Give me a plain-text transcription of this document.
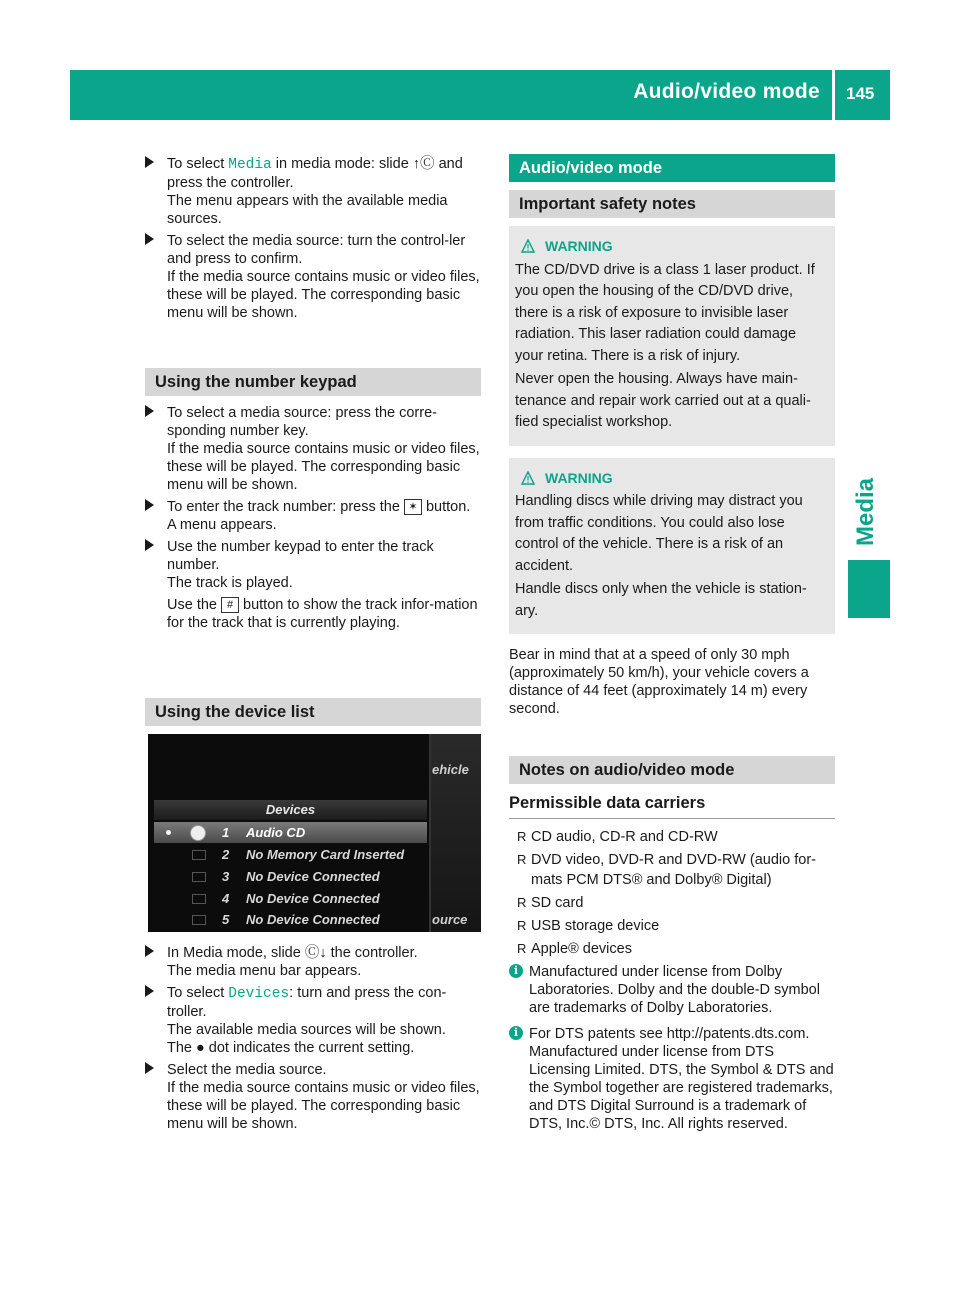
Audio/video mode 145
Media

To select Media in media mode: slide ↑Ⓒ and press the controller.

The menu appears with the available media sources.

To select the media source: turn the control-ler and press to confirm.

If the media source contains music or video files, these will be played. The corresponding basic menu will be shown.

Using the number keypad

To select a media source: press the corre-sponding number key.

If the media source contains music or video files, these will be played. The corresponding basic menu will be shown.

To enter the track number: press the ✶ button.

A menu appears.

Use the number keypad to enter the track number.

The track is played.

Use the # button to show the track infor-mation for the track that is currently playing.

Using the device list
ehicle
ource
Devices
1 Audio CD
2 No Memory Card Inserted
3 No Device Connected
4 No Device Connected
5 No Device Connected

In Media mode, slide Ⓒ↓ the controller.

The media menu bar appears.

To select Devices: turn and press the con-troller.

The available media sources will be shown.

The ● dot indicates the current setting.

Select the media source.

If the media source contains music or video files, these will be played. The corresponding basic menu will be shown.

Audio/video mode
Important safety notes
WARNING

The CD/DVD drive is a class 1 laser product. If you open the housing of the CD/DVD drive, there is a risk of exposure to invisible laser radiation. This laser radiation could damage your retina. There is a risk of injury.

Never open the housing. Always have main-tenance and repair work carried out at a quali-fied specialist workshop.

WARNING

Handling discs while driving may distract you from traffic conditions. You could also lose control of the vehicle. There is a risk of an accident.

Handle discs only when the vehicle is station-ary.

Bear in mind that at a speed of only 30 mph (approximately 50 km/h), your vehicle covers a distance of 44 feet (approximately 14 m) every second.

Notes on audio/video mode
Permissible data carriers
R CD audio, CD-R and CD-RW
R DVD video, DVD-R and DVD-RW (audio for-mats PCM DTS® and Dolby® Digital)
R SD card
R USB storage device
R Apple® devices
i Manufactured under license from Dolby Laboratories. Dolby and the double-D symbol are trademarks of Dolby Laboratories.

i For DTS patents see http://patents.dts.com. Manufactured under license from DTS Licensing Limited. DTS, the Symbol & DTS and the Symbol together are registered trademarks, and DTS Digital Surround is a trademark of DTS, Inc.© DTS, Inc. All rights reserved.
